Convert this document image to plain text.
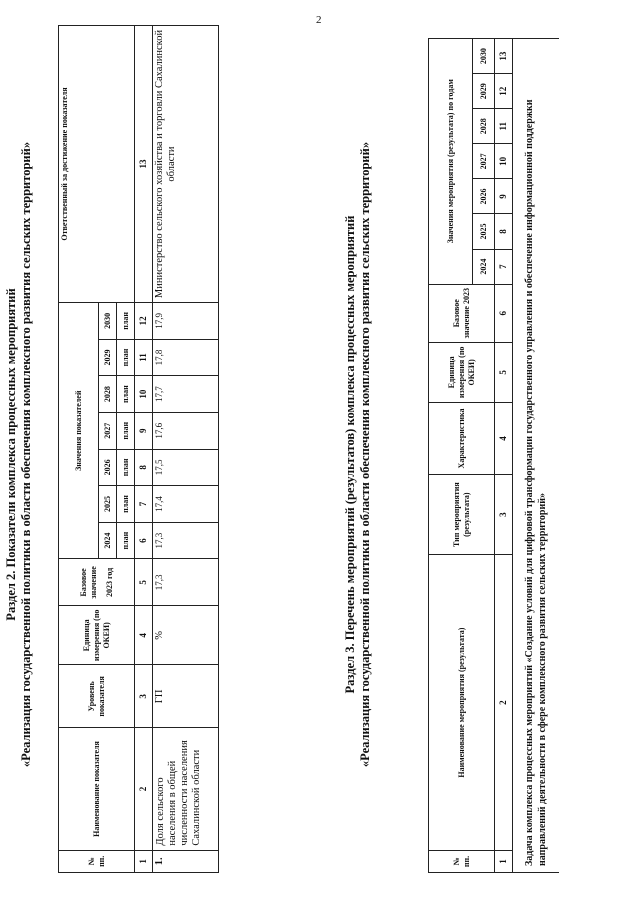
2
Раздел 2. Показатели комплекса процессных мероприятий «Реализация государственной политики в области обеспечения комплексного развития сельских территорий»
№ пп.	Наименование показателя	Уровень показателя	Единица измерения (по ОКЕИ)	Базовое значение 2023 год	Значения показателей							Ответственный за достижение показателя
					2024	2025	2026	2027	2028	2029	2030	
					план	план	план	план	план	план	план	
1	2	3	4	5	6	7	8	9	10	11	12	13
1.	Доля сельского населения в общей численности населения Сахалинской области	ГП	%	17,3	17,3	17,4	17,5	17,6	17,7	17,8	17,9	Министерство сельского хозяйства и торговли Сахалинской области
Раздел 3. Перечень мероприятий (результатов) комплекса процессных мероприятий «Реализация государственной политики в области обеспечения комплексного развития сельских территорий»
№ пп.	Наименование мероприятия (результата)	Тип мероприятия (результата)	Характеристика	Единица измерения (по ОКЕИ)	Базовое значение 2023	Значения мероприятия (результата) по годам						
						2024	2025	2026	2027	2028	2029	2030
1	2	3	4	5	6	7	8	9	10	11	12	13
Задача комплекса процессных мероприятий «Создание условий для цифровой трансформации государственного управления и обеспечение информационной поддержки направлений деятельности в сфере комплексного развития сельских территорий»												
